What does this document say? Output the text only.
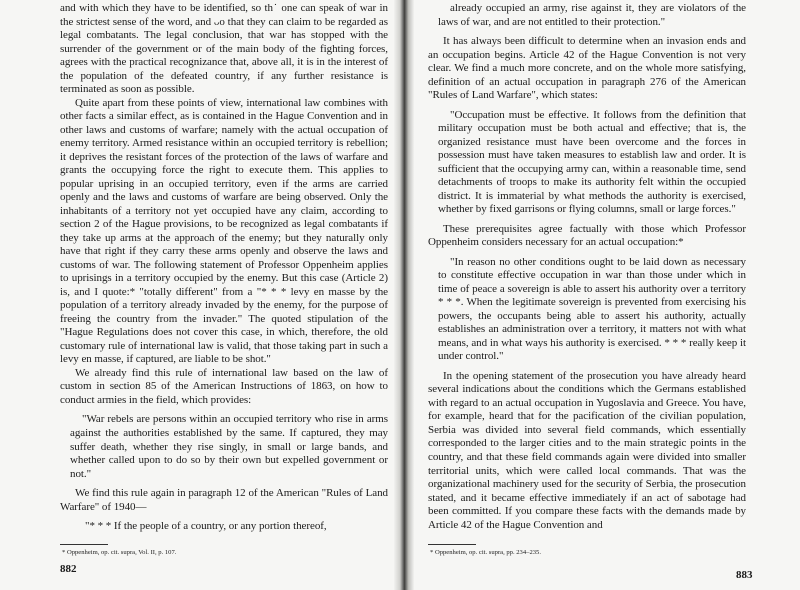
and with which they have to be identified, so th˙ one can speak of war in the strictest sense of the word, and ᴗo that they can claim to be regarded as legal combatants. The legal conclusion, that war has stopped with the surrender of the government or of the main body of the fighting forces, agrees with the practical recognizance that, above all, it is in the interest of the population of the defeated country, if any further resistance is terminated as soon as possible.

Quite apart from these points of view, international law combines with other facts a similar effect, as is contained in the Hague Convention and in other laws and customs of warfare; namely with the actual occupation of enemy territory. Armed resistance within an occupied territory is rebellion; it deprives the resistant forces of the protection of the laws of warfare and grants the occupying force the right to execute them. This applies to popular uprising in an occupied territory, even if the arms are carried openly and the laws and customs of warfare are being observed. Only the inhabitants of a territory not yet occupied have any claim, according to section 2 of the Hague provisions, to be recognized as legal combatants if they take up arms at the approach of the enemy; but they naturally only have that right if they carry these arms openly and observe the laws and customs of war. The following statement of Professor Oppenheim applies to uprisings in a territory occupied by the enemy. But this case (Article 2) is, and I quote:* "totally different" from a "* * * levy en masse by the population of a territory already invaded by the enemy, for the purpose of freeing the country from the invader." The quoted stipulation of the "Hague Regulations does not cover this case, in which, therefore, the old customary rule of international law is valid, that those taking part in such a levy en masse, if captured, are liable to be shot."

We already find this rule of international law based on the law of custom in section 85 of the American Instructions of 1863, on how to conduct armies in the field, which provides:

"War rebels are persons within an occupied territory who rise in arms against the authorities established by the same. If captured, they may suffer death, whether they rise singly, in small or large bands, and whether called upon to do so by their own but expelled government or not."

We find this rule again in paragraph 12 of the American "Rules of Land Warfare" of 1940—

"* * * If the people of a country, or any portion thereof,

* Oppenheim, op. cit. supra, Vol. II, p. 107.
882

already occupied an army, rise against it, they are violators of the laws of war, and are not entitled to their protection."

It has always been difficult to determine when an invasion ends and an occupation begins. Article 42 of the Hague Convention is not very clear. We find a much more concrete, and on the whole more satisfying, definition of an actual occupation in paragraph 276 of the American "Rules of Land Warfare", which states:

"Occupation must be effective. It follows from the definition that military occupation must be both actual and effective; that is, the organized resistance must have been overcome and the forces in possession must have taken measures to establish law and order. It is sufficient that the occupying army can, within a reasonable time, send detachments of troops to make its authority felt within the occupied district. It is immaterial by what methods the authority is exercised, whether by fixed garrisons or flying columns, small or large forces."

These prerequisites agree factually with those which Professor Oppenheim considers necessary for an actual occupation:*

"In reason no other conditions ought to be laid down as necessary to constitute effective occupation in war than those under which in time of peace a sovereign is able to assert his authority over a territory * * *. When the legitimate sovereign is prevented from exercising his powers, the occupants being able to assert his authority, actually establishes an administration over a territory, it matters not with what means, and in what ways his authority is exercised. * * * really keep it under control."

In the opening statement of the prosecution you have already heard several indications about the conditions which the Germans established with regard to an actual occupation in Yugoslavia and Greece. You have, for example, heard that for the pacification of the civilian population, Serbia was divided into several field commands, which essentially corresponded to the larger cities and to the main strategic points in the country, and that these field commands again were divided into smaller territorial units, which were called local commands. That was the organizational machinery used for the security of Serbia, the prosecution stated, and it became effective immediately if an act of sabotage had been committed. If you compare these facts with the demands made by Article 42 of the Hague Convention and

* Oppenheim, op. cit. supra, pp. 234–235.
883
